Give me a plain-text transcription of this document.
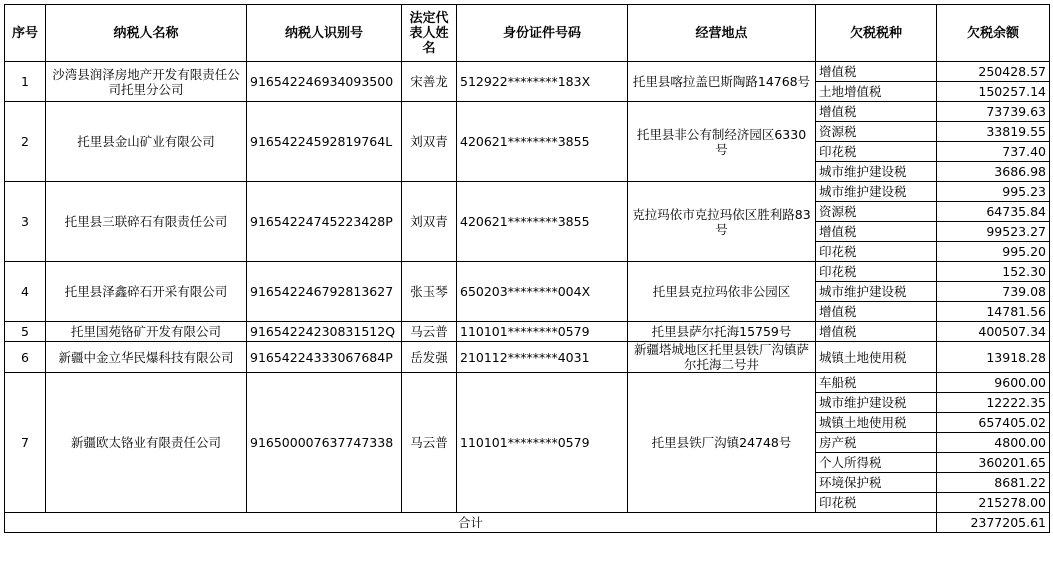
序号	纳税人名称	纳税人识别号	法定代表人姓名	身份证件号码	经营地点	欠税税种	欠税余额
1	沙湾县润泽房地产开发有限责任公司托里分公司	916542246934093500	宋善龙	512922********183X	托里县喀拉盖巴斯陶路14768号	增值税	250428.57
						土地增值税	150257.14
2	托里县金山矿业有限公司	91654224592819764L	刘双青	420621********3855	托里县非公有制经济园区6330号	增值税	73739.63
						资源税	33819.55
						印花税	737.40
						城市维护建设税	3686.98
3	托里县三联碎石有限责任公司	91654224745223428P	刘双青	420621********3855	克拉玛依市克拉玛依区胜利路83号	城市维护建设税	995.23
						资源税	64735.84
						增值税	99523.27
						印花税	995.20
4	托里县泽鑫碎石开采有限公司	916542246792813627	张玉琴	650203********004X	托里县克拉玛依非公园区	印花税	152.30
						城市维护建设税	739.08
						增值税	14781.56
5	托里国苑铬矿开发有限公司	91654224230831512Q	马云普	110101********0579	托里县萨尔托海15759号	增值税	400507.34
6	新疆中金立华民爆科技有限公司	91654224333067684P	岳发强	210112********4031	新疆塔城地区托里县铁厂沟镇萨尔托海二号井	城镇土地使用税	13918.28
7	新疆欧太铬业有限责任公司	916500007637747338	马云普	110101********0579	托里县铁厂沟镇24748号	车船税	9600.00
						城市维护建设税	12222.35
						城镇土地使用税	657405.02
						房产税	4800.00
						个人所得税	360201.65
						环境保护税	8681.22
						印花税	215278.00
合计							2377205.61
